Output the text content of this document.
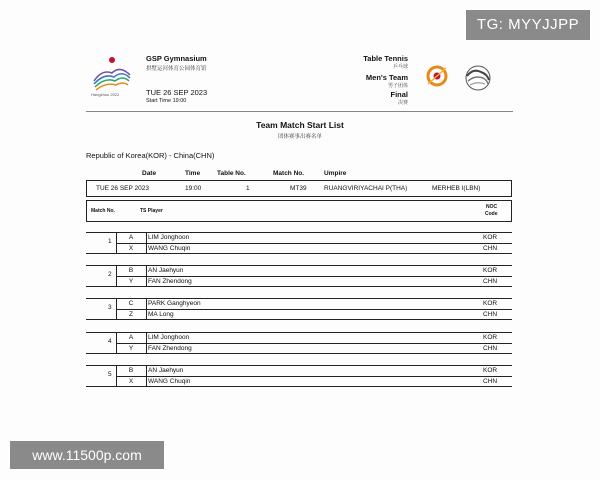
TG: MYYJJPP
www.11500p.com
Hangzhou 2022
GSP Gymnasium
拱墅运河体育公园体育馆
TUE 26 SEP 2023
Start Time 19:00
Table Tennis
乒乓球
Men's Team
男子团体
Final
决赛
Team Match Start List
团体赛事出赛名单
Republic of Korea(KOR) - China(CHN)
Date	Time	Table No.	Match No.	Umpire
TUE 26 SEP 2023	19:00	1	MT39	RUANGVIRIYACHAI P(THA)	MERHEB I(LBN)
Match No.	TS Player
NOC
Code
1
A	LIM Jonghoon	KOR
X	WANG Chuqin	CHN
2
B	AN Jaehyun	KOR
Y	FAN Zhendong	CHN
3
C	PARK Ganghyeon	KOR
Z	MA Long	CHN
4
A	LIM Jonghoon	KOR
Y	FAN Zhendong	CHN
5
B	AN Jaehyun	KOR
X	WANG Chuqin	CHN
